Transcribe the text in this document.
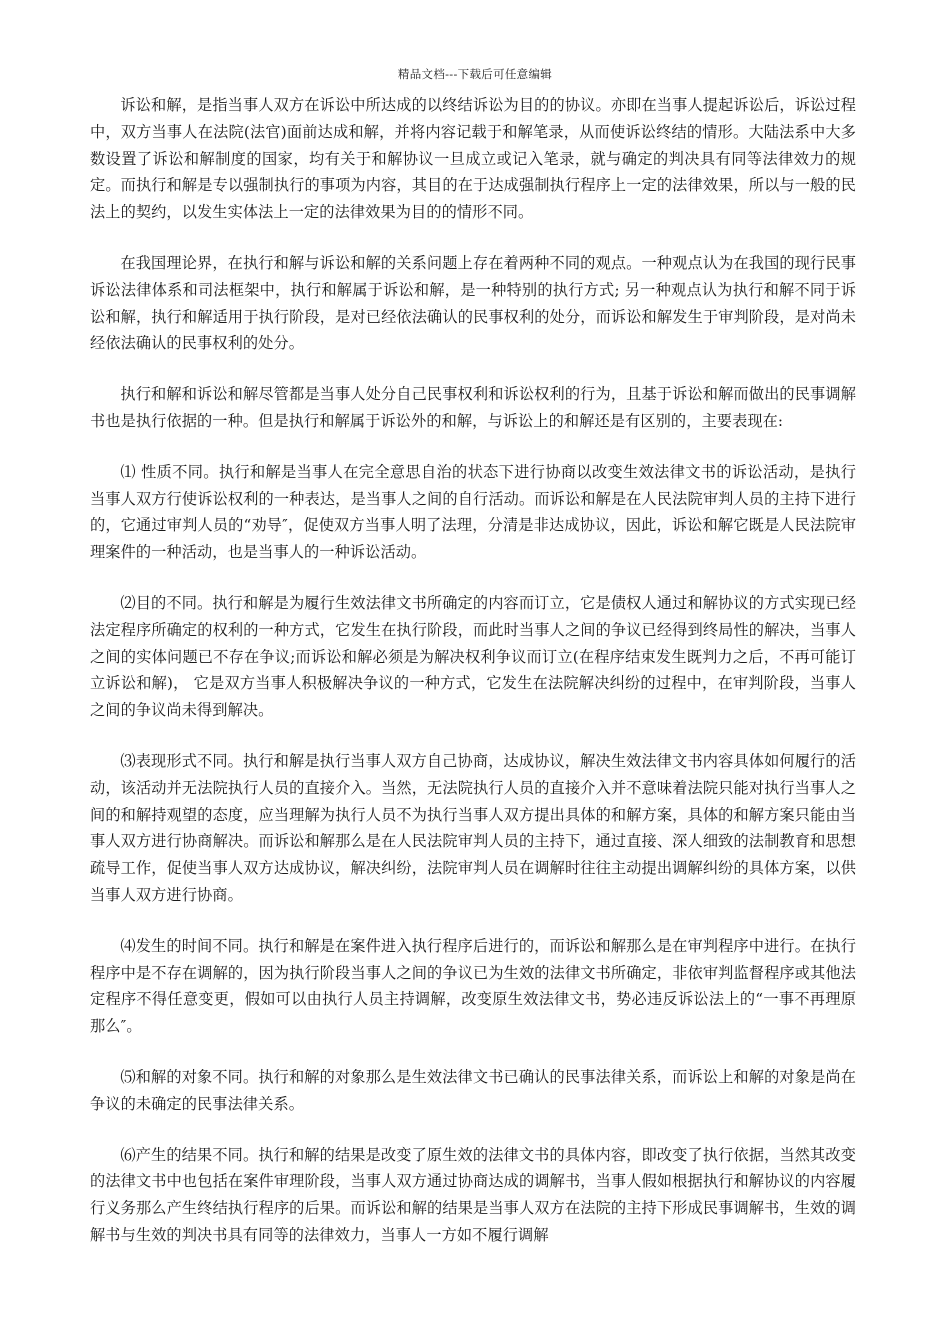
精品文档---下载后可任意编辑

诉讼和解，是指当事人双方在诉讼中所达成的以终结诉讼为目的的协议。亦即在当事人提起诉讼后，诉讼过程中，双方当事人在法院(法官)面前达成和解，并将内容记载于和解笔录，从而使诉讼终结的情形。大陆法系中大多数设置了诉讼和解制度的国家，均有关于和解协议一旦成立或记入笔录，就与确定的判决具有同等法律效力的规定。而执行和解是专以强制执行的事项为内容，其目的在于达成强制执行程序上一定的法律效果，所以与一般的民法上的契约，以发生实体法上一定的法律效果为目的的情形不同。

在我国理论界，在执行和解与诉讼和解的关系问题上存在着两种不同的观点。一种观点认为在我国的现行民事诉讼法律体系和司法框架中，执行和解属于诉讼和解，是一种特别的执行方式; 另一种观点认为执行和解不同于诉讼和解，执行和解适用于执行阶段，是对已经依法确认的民事权利的处分，而诉讼和解发生于审判阶段，是对尚未经依法确认的民事权利的处分。

执行和解和诉讼和解尽管都是当事人处分自己民事权利和诉讼权利的行为，且基于诉讼和解而做出的民事调解书也是执行依据的一种。但是执行和解属于诉讼外的和解，与诉讼上的和解还是有区别的，主要表现在:

⑴ 性质不同。执行和解是当事人在完全意思自治的状态下进行协商以改变生效法律文书的诉讼活动，是执行当事人双方行使诉讼权利的一种表达，是当事人之间的自行活动。而诉讼和解是在人民法院审判人员的主持下进行的，它通过审判人员的“劝导″，促使双方当事人明了法理，分清是非达成协议，因此，诉讼和解它既是人民法院审理案件的一种活动，也是当事人的一种诉讼活动。

⑵目的不同。执行和解是为履行生效法律文书所确定的内容而订立，它是债权人通过和解协议的方式实现已经法定程序所确定的权利的一种方式，它发生在执行阶段，而此时当事人之间的争议已经得到终局性的解决，当事人之间的实体问题已不存在争议;而诉讼和解必须是为解决权利争议而订立(在程序结束发生既判力之后，不再可能订立诉讼和解)， 它是双方当事人积极解决争议的一种方式，它发生在法院解决纠纷的过程中，在审判阶段，当事人之间的争议尚未得到解决。

⑶表现形式不同。执行和解是执行当事人双方自己协商，达成协议，解决生效法律文书内容具体如何履行的活动，该活动并无法院执行人员的直接介入。当然，无法院执行人员的直接介入并不意味着法院只能对执行当事人之间的和解持观望的态度，应当理解为执行人员不为执行当事人双方提出具体的和解方案，具体的和解方案只能由当事人双方进行协商解决。而诉讼和解那么是在人民法院审判人员的主持下，通过直接、深人细致的法制教育和思想疏导工作，促使当事人双方达成协议，解决纠纷，法院审判人员在调解时往往主动提出调解纠纷的具体方案，以供当事人双方进行协商。

⑷发生的时间不同。执行和解是在案件进入执行程序后进行的，而诉讼和解那么是在审判程序中进行。在执行程序中是不存在调解的，因为执行阶段当事人之间的争议已为生效的法律文书所确定，非依审判监督程序或其他法定程序不得任意变更，假如可以由执行人员主持调解，改变原生效法律文书，势必违反诉讼法上的“一事不再理原那么″。

⑸和解的对象不同。执行和解的对象那么是生效法律文书已确认的民事法律关系，而诉讼上和解的对象是尚在争议的未确定的民事法律关系。

⑹产生的结果不同。执行和解的结果是改变了原生效的法律文书的具体内容，即改变了执行依据，当然其改变的法律文书中也包括在案件审理阶段，当事人双方通过协商达成的调解书，当事人假如根据执行和解协议的内容履行义务那么产生终结执行程序的后果。而诉讼和解的结果是当事人双方在法院的主持下形成民事调解书，生效的调解书与生效的判决书具有同等的法律效力，当事人一方如不履行调解
